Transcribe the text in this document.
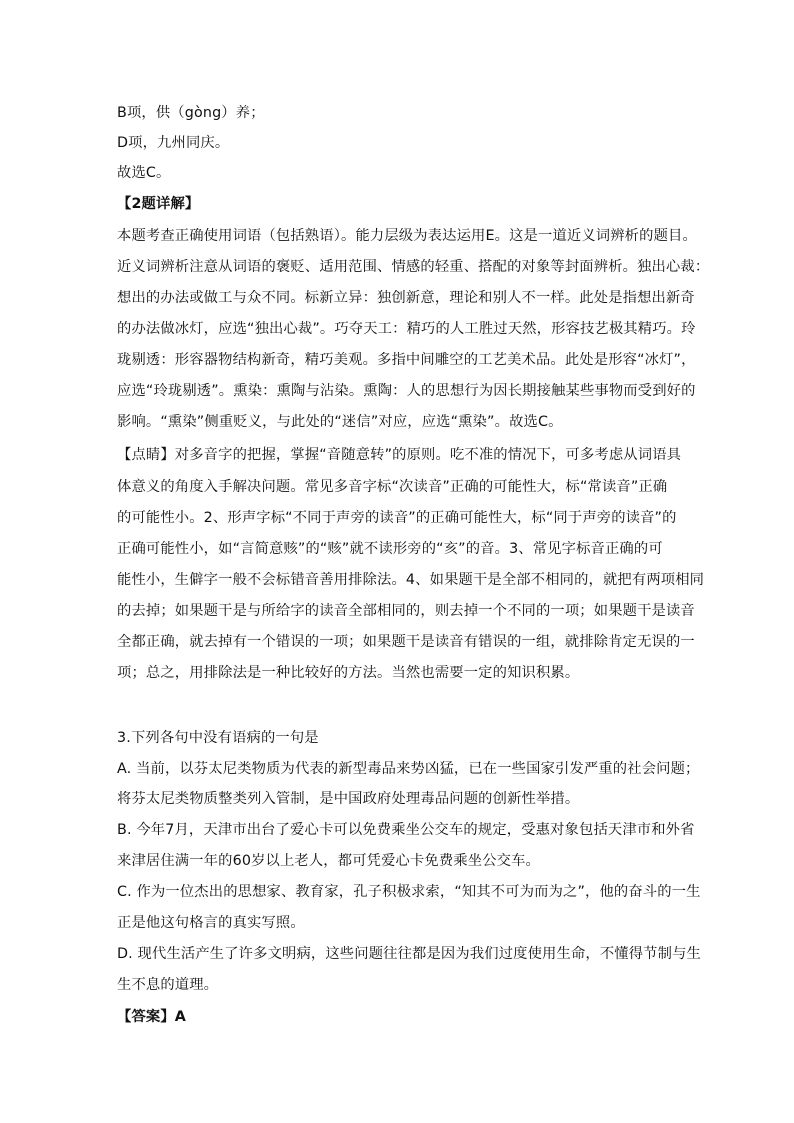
B项，供（gòng）养；
D项，九州同庆。
故选C。
【2题详解】
本题考查正确使用词语（包括熟语）。能力层级为表达运用E。这是一道近义词辨析的题目。
近义词辨析注意从词语的褒贬、适用范围、情感的轻重、搭配的对象等封面辨析。独出心裁：
想出的办法或做工与众不同。标新立异：独创新意，理论和别人不一样。此处是指想出新奇
的办法做冰灯，应选“独出心裁”。巧夺天工：精巧的人工胜过天然，形容技艺极其精巧。玲
珑剔透：形容器物结构新奇，精巧美观。多指中间雕空的工艺美术品。此处是形容“冰灯”，
应选“玲珑剔透”。熏染：熏陶与沾染。熏陶：人的思想行为因长期接触某些事物而受到好的
影响。“熏染”侧重贬义，与此处的“迷信”对应，应选“熏染”。故选C。
【点睛】对多音字的把握，掌握“音随意转”的原则。吃不准的情况下，可多考虑从词语具
体意义的角度入手解决问题。常见多音字标“次读音”正确的可能性大，标“常读音”正确
的可能性小。2、形声字标“不同于声旁的读音”的正确可能性大，标“同于声旁的读音”的
正确可能性小，如“言简意赅”的“赅”就不读形旁的“亥”的音。3、常见字标音正确的可
能性小，生僻字一般不会标错音善用排除法。4、如果题干是全部不相同的，就把有两项相同
的去掉；如果题干是与所给字的读音全部相同的，则去掉一个不同的一项；如果题干是读音
全都正确，就去掉有一个错误的一项；如果题干是读音有错误的一组，就排除肯定无误的一
项；总之，用排除法是一种比较好的方法。当然也需要一定的知识积累。
3.下列各句中没有语病的一句是
A. 当前，以芬太尼类物质为代表的新型毒品来势凶猛，已在一些国家引发严重的社会问题；
将芬太尼类物质整类列入管制，是中国政府处理毒品问题的创新性举措。
B. 今年7月，天津市出台了爱心卡可以免费乘坐公交车的规定，受惠对象包括天津市和外省
来津居住满一年的60岁以上老人，都可凭爱心卡免费乘坐公交车。
C. 作为一位杰出的思想家、教育家，孔子积极求索，“知其不可为而为之”，他的奋斗的一生
正是他这句格言的真实写照。
D. 现代生活产生了许多文明病，这些问题往往都是因为我们过度使用生命，不懂得节制与生
生不息的道理。
【答案】A
